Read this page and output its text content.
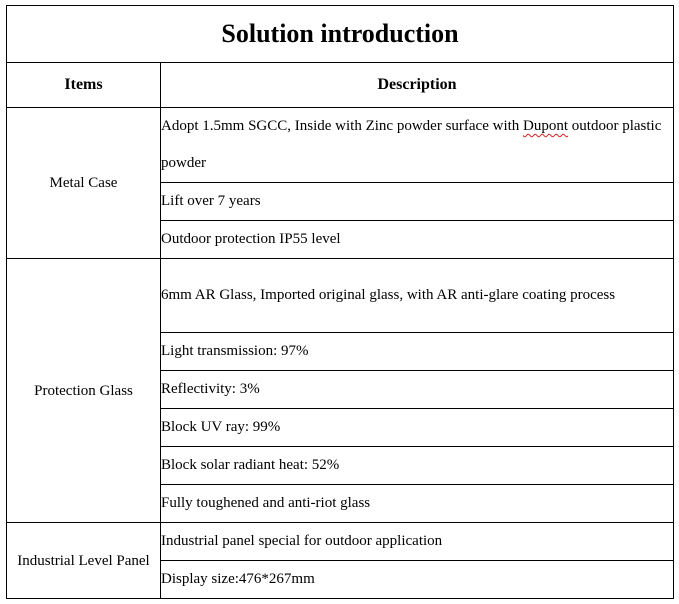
Solution introduction	
Items	Description
Metal Case	Adopt 1.5mm SGCC, Inside with Zinc powder surface with Dupont outdoor plastic powder
	Lift over 7 years
	Outdoor protection IP55 level
Protection Glass	6mm AR Glass, Imported original glass, with AR anti-glare coating process
	Light transmission: 97%
	Reflectivity: 3%
	Block UV ray: 99%
	Block solar radiant heat: 52%
	Fully toughened and anti-riot glass
Industrial Level Panel	Industrial panel special for outdoor application
	Display size:476*267mm
